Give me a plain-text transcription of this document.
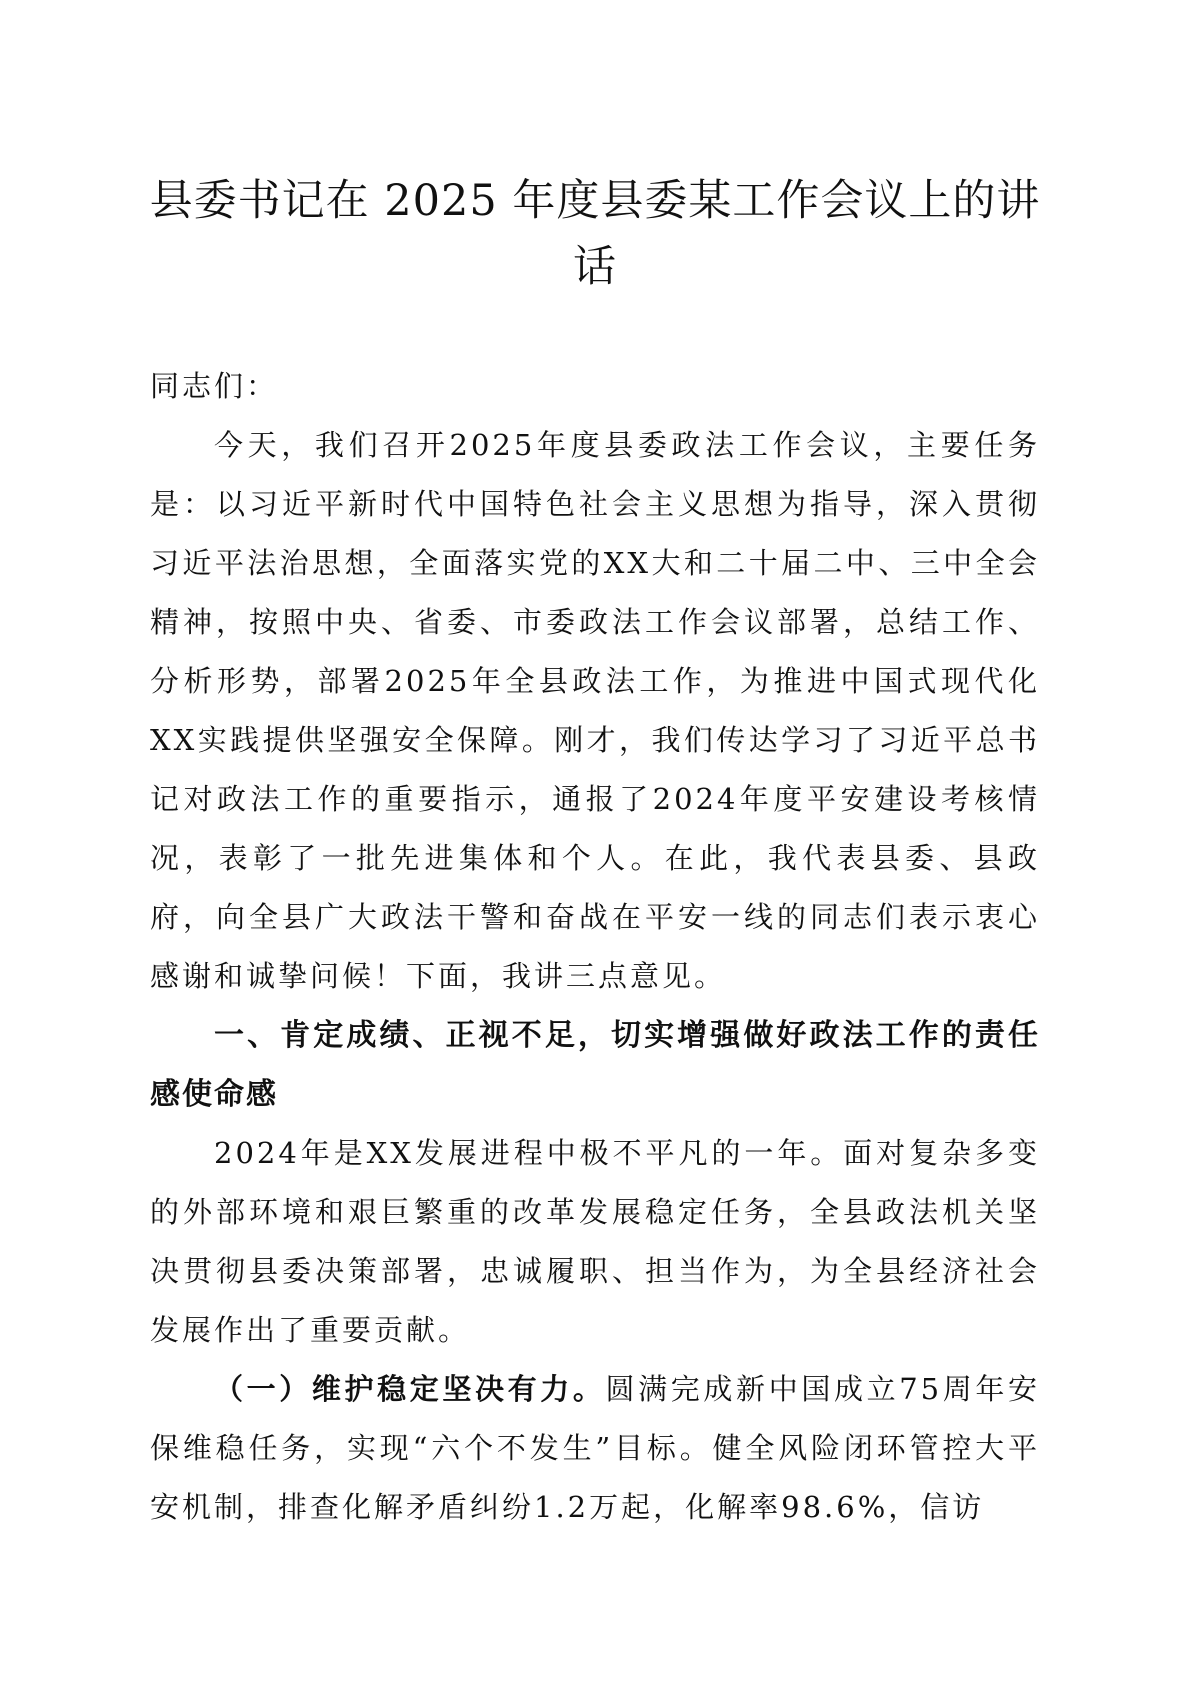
县委书记在 2025 年度县委某工作会议上的讲话

同志们：

今天，我们召开2025年度县委政法工作会议，主要任务是：以习近平新时代中国特色社会主义思想为指导，深入贯彻习近平法治思想，全面落实党的XX大和二十届二中、三中全会精神，按照中央、省委、市委政法工作会议部署，总结工作、分析形势，部署2025年全县政法工作，为推进中国式现代化XX实践提供坚强安全保障。刚才，我们传达学习了习近平总书记对政法工作的重要指示，通报了2024年度平安建设考核情况，表彰了一批先进集体和个人。在此，我代表县委、县政府，向全县广大政法干警和奋战在平安一线的同志们表示衷心感谢和诚挚问候！下面，我讲三点意见。

一、肯定成绩、正视不足，切实增强做好政法工作的责任感使命感

2024年是XX发展进程中极不平凡的一年。面对复杂多变的外部环境和艰巨繁重的改革发展稳定任务，全县政法机关坚决贯彻县委决策部署，忠诚履职、担当作为，为全县经济社会发展作出了重要贡献。

（一）维护稳定坚决有力。圆满完成新中国成立75周年安保维稳任务，实现“六个不发生”目标。健全风险闭环管控大平安机制，排查化解矛盾纠纷1.2万起，化解率98.6%，信访
